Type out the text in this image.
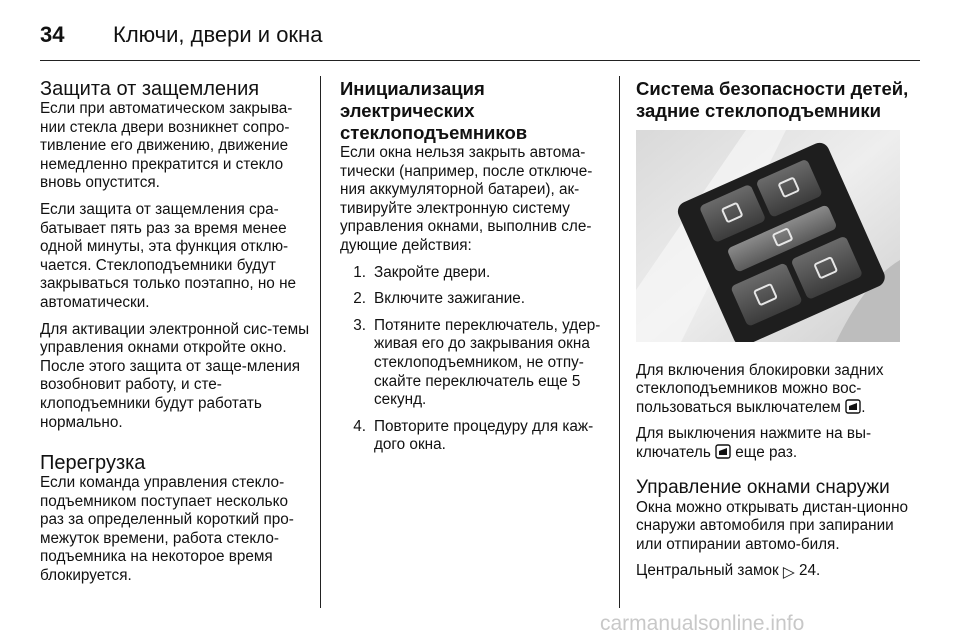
34 Ключи, двери и окна
Защита от защемления

Если при автоматическом закрыва-нии стекла двери возникнет сопро-тивление его движению, движение немедленно прекратится и стекло вновь опустится.

Если защита от защемления сра-батывает пять раз за время менее одной минуты, эта функция отклю-чается. Стеклоподъемники будут закрываться только поэтапно, но не автоматически.

Для активации электронной сис-темы управления окнами откройте окно. После этого защита от заще-мления возобновит работу, и сте-клоподъемники будут работать нормально.

Перегрузка

Если команда управления стекло-подъемником поступает несколько раз за определенный короткий про-межуток времени, работа стекло-подъемника на некоторое время блокируется.

Инициализация электрических стеклоподъемников

Если окна нельзя закрыть автома-тически (например, после отключе-ния аккумуляторной батареи), ак-тивируйте электронную систему управления окнами, выполнив сле-дующие действия:

1. Закройте двери.
2. Включите зажигание.
3. Потяните переключатель, удер-живая его до закрывания окна стеклоподъемником, не отпу-скайте переключатель еще 5 секунд.
4. Повторите процедуру для каж-дого окна.
Система безопасности детей, задние стеклоподъемники

Для включения блокировки задних стеклоподъемников можно вос-пользоваться выключателем .

Для выключения нажмите на вы-ключатель еще раз.

Управление окнами снаружи

Окна можно открывать дистан-ционно снаружи автомобиля при запирании или отпирании автомо-биля.

Центральный замок ▷ 24.

carmanualsonline.info
